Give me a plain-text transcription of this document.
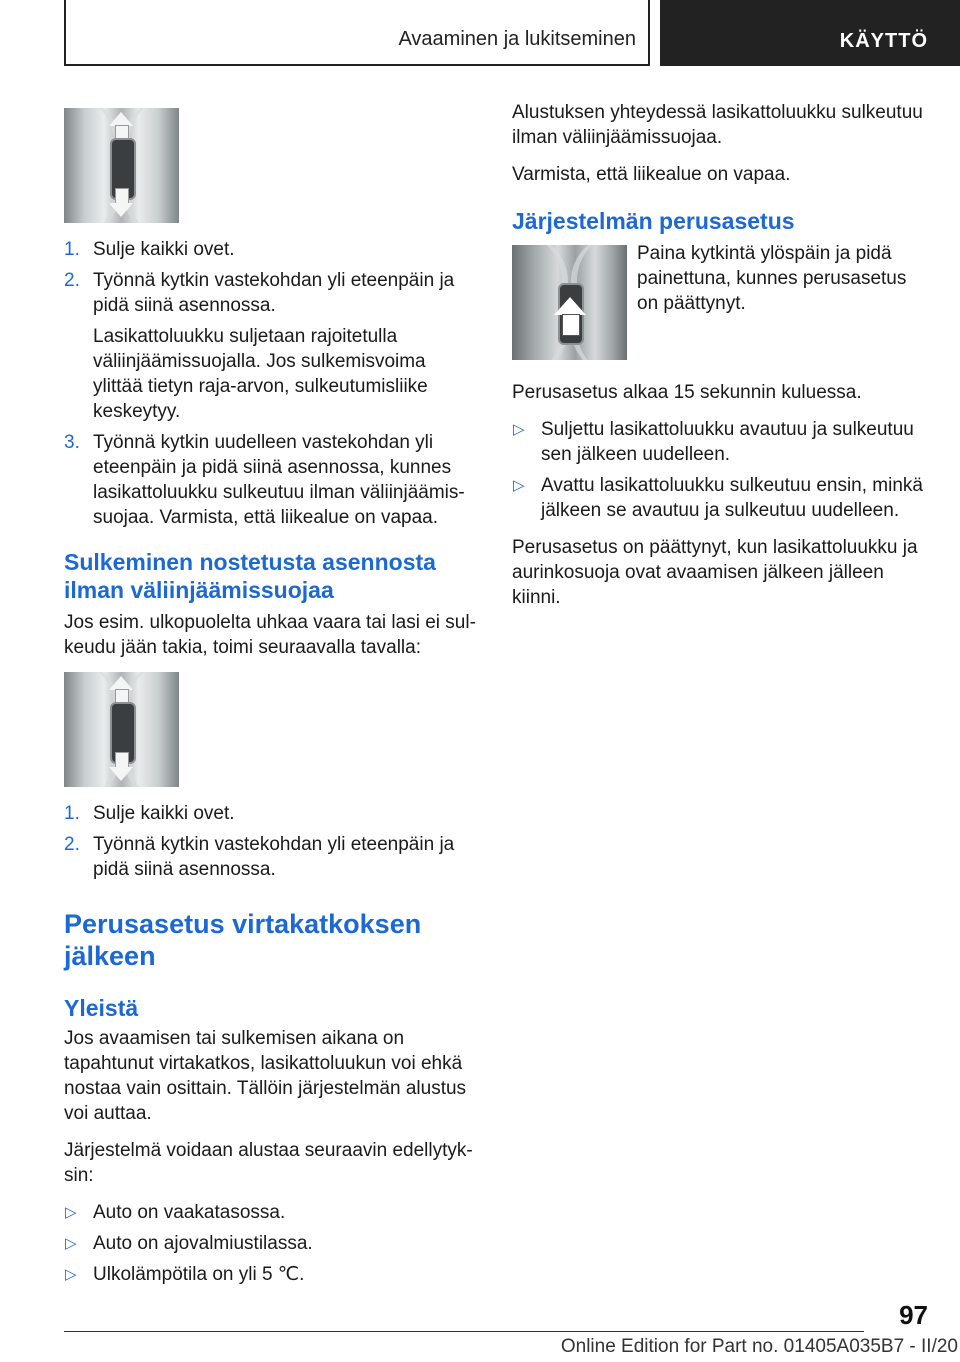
Avaaminen ja lukitseminen	KÄYTTÖ
1. Sulje kaikki ovet.
2. Työnnä kytkin vastekohdan yli eteenpäin ja pidä siinä asennossa.
Lasikattoluukku suljetaan rajoitetulla väliinjäämissuojalla. Jos sulkemisvoima ylittää tietyn raja-arvon, sulkeutumisliike keskeytyy.
3. Työnnä kytkin uudelleen vastekohdan yli eteenpäin ja pidä siinä asennossa, kunnes lasikattoluukku sulkeutuu ilman väliinjäämissuojaa. Varmista, että liikealue on vapaa.
Sulkeminen nostetusta asennosta ilman väliinjäämissuojaa

Jos esim. ulkopuolelta uhkaa vaara tai lasi ei sulkeudu jään takia, toimi seuraavalla tavalla:

1. Sulje kaikki ovet.
2. Työnnä kytkin vastekohdan yli eteenpäin ja pidä siinä asennossa.
Perusasetus virtakatkoksen jälkeen
Yleistä

Jos avaamisen tai sulkemisen aikana on tapahtunut virtakatkos, lasikattoluukun voi ehkä nostaa vain osittain. Tällöin järjestelmän alustus voi auttaa.

Järjestelmä voidaan alustaa seuraavin edellytyksin:

▷ Auto on vaakatasossa.
▷ Auto on ajovalmiustilassa.
▷ Ulkolämpötila on yli 5 ℃.

Alustuksen yhteydessä lasikattoluukku sulkeutuu ilman väliinjäämissuojaa.

Varmista, että liikealue on vapaa.

Järjestelmän perusasetus

Paina kytkintä ylöspäin ja pidä painettuna, kunnes perusasetus on päättynyt.

Perusasetus alkaa 15 sekunnin kuluessa.

▷ Suljettu lasikattoluukku avautuu ja sulkeutuu sen jälkeen uudelleen.
▷ Avattu lasikattoluukku sulkeutuu ensin, minkä jälkeen se avautuu ja sulkeutuu uudelleen.

Perusasetus on päättynyt, kun lasikattoluukku ja aurinkosuoja ovat avaamisen jälkeen jälleen kiinni.

97
Online Edition for Part no. 01405A035B7 - II/20
